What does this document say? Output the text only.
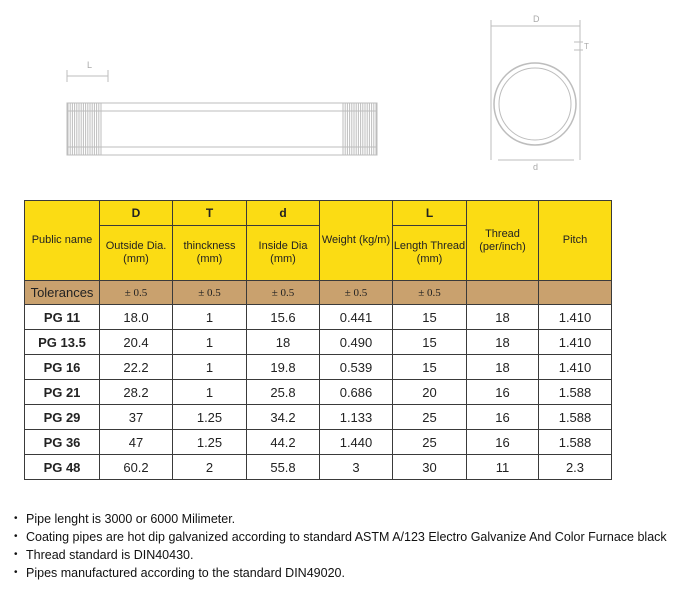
L
D
T
d
Public name	D	T	d	Weight (kg/m)	L	Thread (per/inch)	Pitch
	Outside Dia.(mm)	thinckness (mm)	Inside Dia (mm)		Length Thread (mm)		
Tolerances	± 0.5	± 0.5	± 0.5	± 0.5	± 0.5		
PG 11	18.0	1	15.6	0.441	15	18	1.410
PG 13.5	20.4	1	18	0.490	15	18	1.410
PG 16	22.2	1	19.8	0.539	15	18	1.410
PG 21	28.2	1	25.8	0.686	20	16	1.588
PG 29	37	1.25	34.2	1.133	25	16	1.588
PG 36	47	1.25	44.2	1.440	25	16	1.588
PG 48	60.2	2	55.8	3	30	11	2.3
• Pipe lenght is 3000 or 6000 Milimeter.
• Coating pipes are hot dip galvanized according to standard ASTM A/123 Electro Galvanize And Color Furnace black
• Thread standard is DIN40430.
• Pipes manufactured according to the standard DIN49020.
